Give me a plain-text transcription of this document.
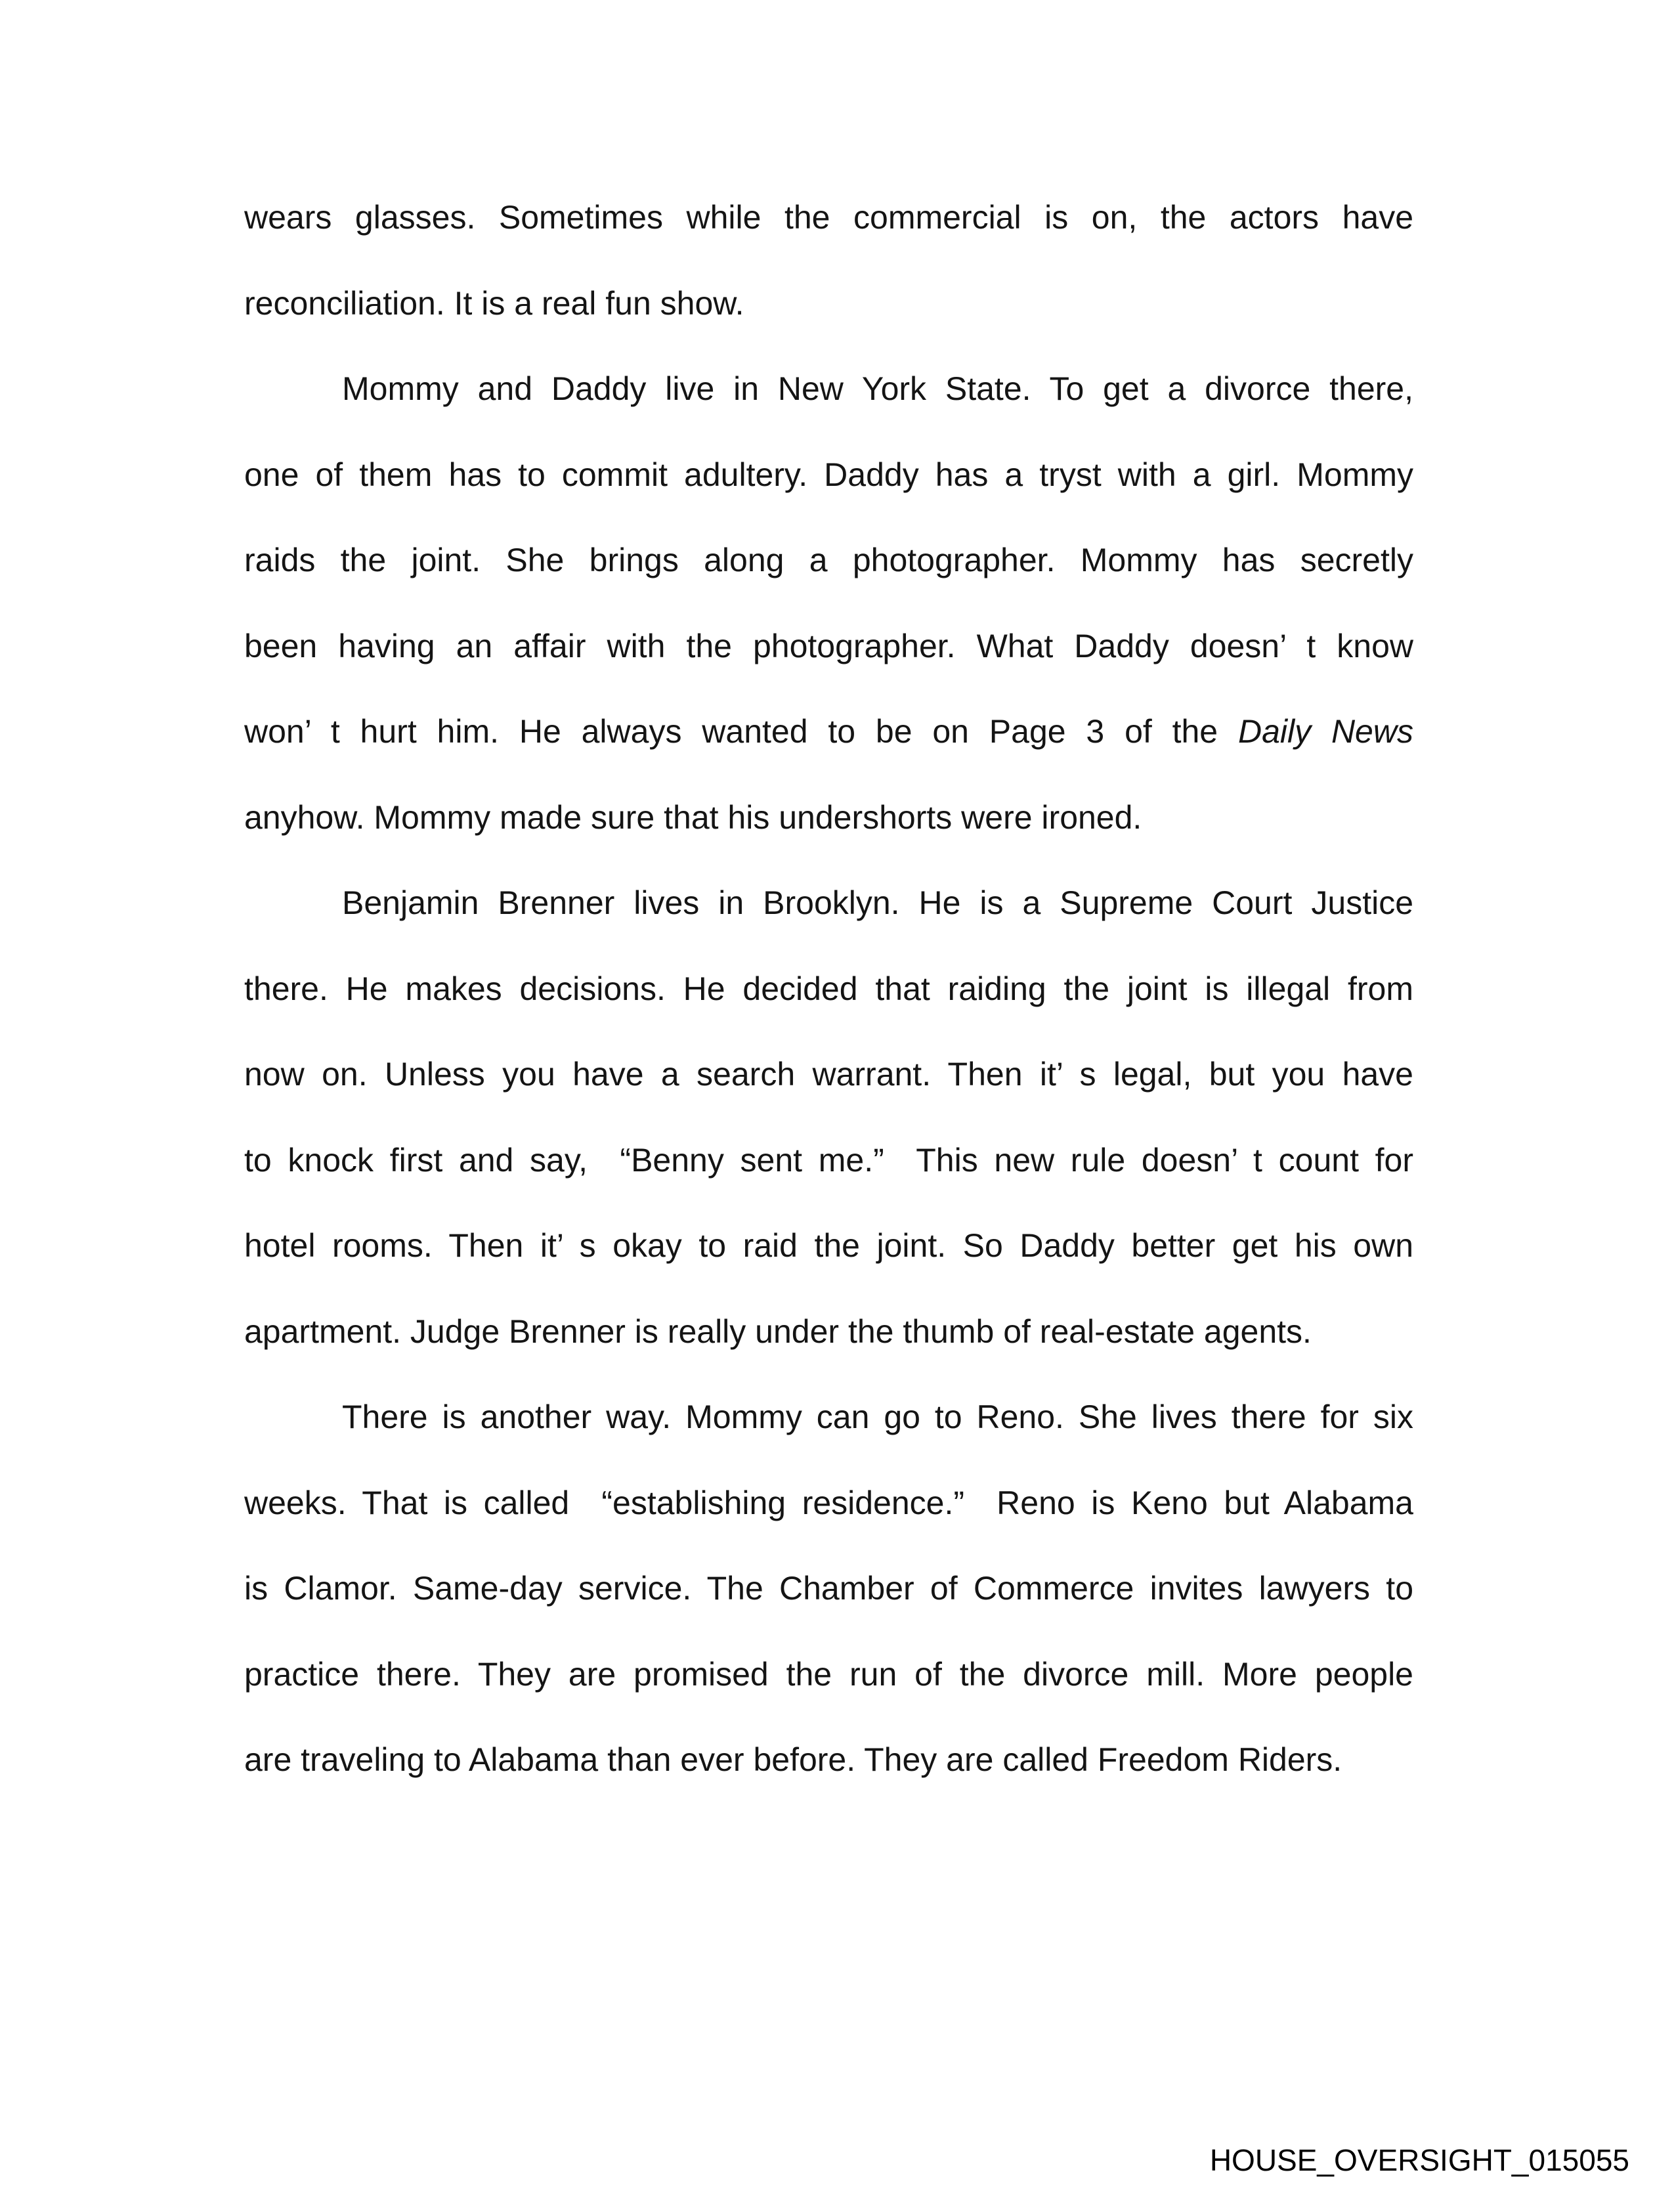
wears glasses. Sometimes while the commercial is on, the actors have
reconciliation. It is a real fun show.
Mommy and Daddy live in New York State. To get a divorce there,
one of them has to commit adultery. Daddy has a tryst with a girl. Mommy
raids the joint. She brings along a photographer. Mommy has secretly
been having an affair with the photographer. What Daddy doesn’ t know
won’ t hurt him. He always wanted to be on Page 3 of the Daily News
anyhow. Mommy made sure that his undershorts were ironed.
Benjamin Brenner lives in Brooklyn. He is a Supreme Court Justice
there. He makes decisions. He decided that raiding the joint is illegal from
now on. Unless you have a search warrant. Then it’ s legal, but you have
to knock first and say,  “Benny sent me.”  This new rule doesn’ t count for
hotel rooms. Then it’ s okay to raid the joint. So Daddy better get his own
apartment. Judge Brenner is really under the thumb of real-estate agents.
There is another way. Mommy can go to Reno. She lives there for six
weeks. That is called  “establishing residence.”  Reno is Keno but Alabama
is Clamor. Same-day service. The Chamber of Commerce invites lawyers to
practice there. They are promised the run of the divorce mill. More people
are traveling to Alabama than ever before. They are called Freedom Riders.
HOUSE_OVERSIGHT_015055
